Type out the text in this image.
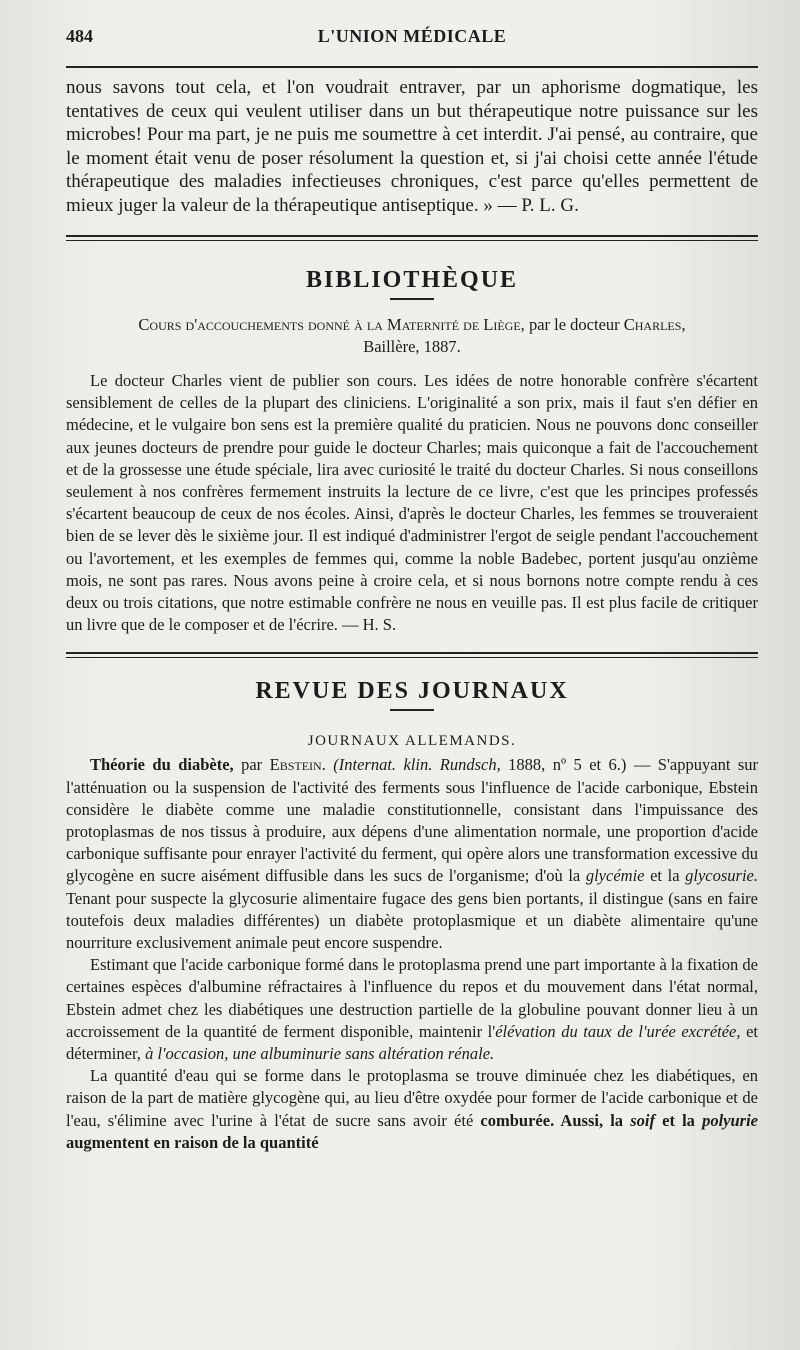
484	L'UNION MÉDICALE

nous savons tout cela, et l'on voudrait entraver, par un aphorisme dogmatique, les tentatives de ceux qui veulent utiliser dans un but thérapeutique notre puissance sur les microbes! Pour ma part, je ne puis me soumettre à cet interdit. J'ai pensé, au contraire, que le moment était venu de poser résolument la question et, si j'ai choisi cette année l'étude thérapeutique des maladies infectieuses chroniques, c'est parce qu'elles permettent de mieux juger la valeur de la thérapeutique antiseptique. » — P. L. G.

BIBLIOTHÈQUE
Cours d'accouchements donné à la Maternité de Liège, par le docteur Charles,
Baillère, 1887.

Le docteur Charles vient de publier son cours. Les idées de notre honorable confrère s'écartent sensiblement de celles de la plupart des cliniciens. L'originalité a son prix, mais il faut s'en défier en médecine, et le vulgaire bon sens est la première qualité du praticien. Nous ne pouvons donc conseiller aux jeunes docteurs de prendre pour guide le docteur Charles; mais quiconque a fait de l'accouchement et de la grossesse une étude spéciale, lira avec curiosité le traité du docteur Charles. Si nous conseillons seulement à nos confrères fermement instruits la lecture de ce livre, c'est que les principes professés s'écartent beaucoup de ceux de nos écoles. Ainsi, d'après le docteur Charles, les femmes se trouveraient bien de se lever dès le sixième jour. Il est indiqué d'administrer l'ergot de seigle pendant l'accouchement ou l'avortement, et les exemples de femmes qui, comme la noble Badebec, portent jusqu'au onzième mois, ne sont pas rares. Nous avons peine à croire cela, et si nous bornons notre compte rendu à ces deux ou trois citations, que notre estimable confrère ne nous en veuille pas. Il est plus facile de critiquer un livre que de le composer et de l'écrire. — H. S.

REVUE DES JOURNAUX
JOURNAUX ALLEMANDS.

Théorie du diabète, par Ebstein. (Internat. klin. Rundsch, 1888, nº 5 et 6.) — S'appuyant sur l'atténuation ou la suspension de l'activité des ferments sous l'influence de l'acide carbonique, Ebstein considère le diabète comme une maladie constitutionnelle, consistant dans l'impuissance des protoplasmas de nos tissus à produire, aux dépens d'une alimentation normale, une proportion d'acide carbonique suffisante pour enrayer l'activité du ferment, qui opère alors une transformation excessive du glycogène en sucre aisément diffusible dans les sucs de l'organisme; d'où la glycémie et la glycosurie. Tenant pour suspecte la glycosurie alimentaire fugace des gens bien portants, il distingue (sans en faire toutefois deux maladies différentes) un diabète protoplasmique et un diabète alimentaire qu'une nourriture exclusivement animale peut encore suspendre.

Estimant que l'acide carbonique formé dans le protoplasma prend une part importante à la fixation de certaines espèces d'albumine réfractaires à l'influence du repos et du mouvement dans l'état normal, Ebstein admet chez les diabétiques une destruction partielle de la globuline pouvant donner lieu à un accroissement de la quantité de ferment disponible, maintenir l'élévation du taux de l'urée excrétée, et déterminer, à l'occasion, une albuminurie sans altération rénale.

La quantité d'eau qui se forme dans le protoplasma se trouve diminuée chez les diabétiques, en raison de la part de matière glycogène qui, au lieu d'être oxydée pour former de l'acide carbonique et de l'eau, s'élimine avec l'urine à l'état de sucre sans avoir été comburée. Aussi, la soif et la polyurie augmentent en raison de la quantité
